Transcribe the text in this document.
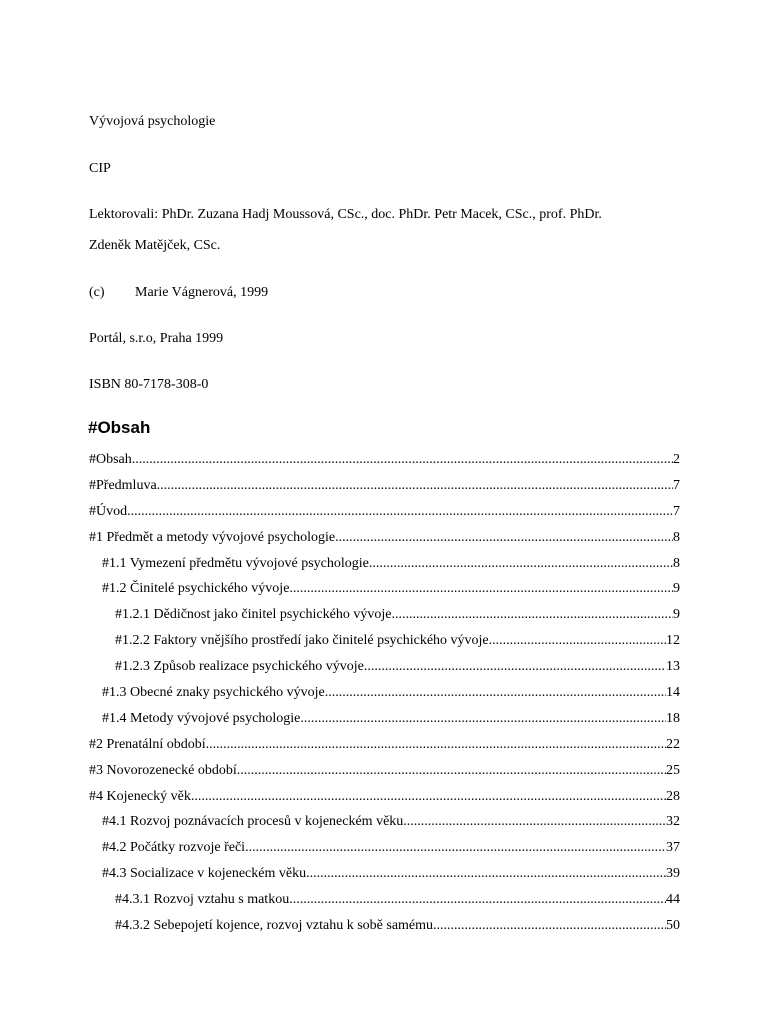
Vývojová psychologie
CIP
Lektorovali: PhDr. Zuzana Hadj Moussová, CSc., doc. PhDr. Petr Macek, CSc., prof. PhDr.
Zdeněk Matějček, CSc.
(c) Marie Vágnerová, 1999
Portál, s.r.o, Praha 1999
ISBN 80-7178-308-0
#Obsah
#Obsah .....	2
#Předmluva .....	7
#Úvod .....	7
#1 Předmět a metody vývojové psychologie .....	8
#1.1 Vymezení předmětu vývojové psychologie .....	8
#1.2 Činitelé psychického vývoje .....	9
#1.2.1 Dědičnost jako činitel psychického vývoje .....	9
#1.2.2 Faktory vnějšího prostředí jako činitelé psychického vývoje .....	12
#1.2.3 Způsob realizace psychického vývoje .....	13
#1.3 Obecné znaky psychického vývoje .....	14
#1.4 Metody vývojové psychologie .....	18
#2 Prenatální období .....	22
#3 Novorozenecké období .....	25
#4 Kojenecký věk .....	28
#4.1 Rozvoj poznávacích procesů v kojeneckém věku .....	32
#4.2 Počátky rozvoje řeči .....	37
#4.3 Socializace v kojeneckém věku .....	39
#4.3.1 Rozvoj vztahu s matkou .....	44
#4.3.2 Sebepojetí kojence, rozvoj vztahu k sobě samému .....	50
